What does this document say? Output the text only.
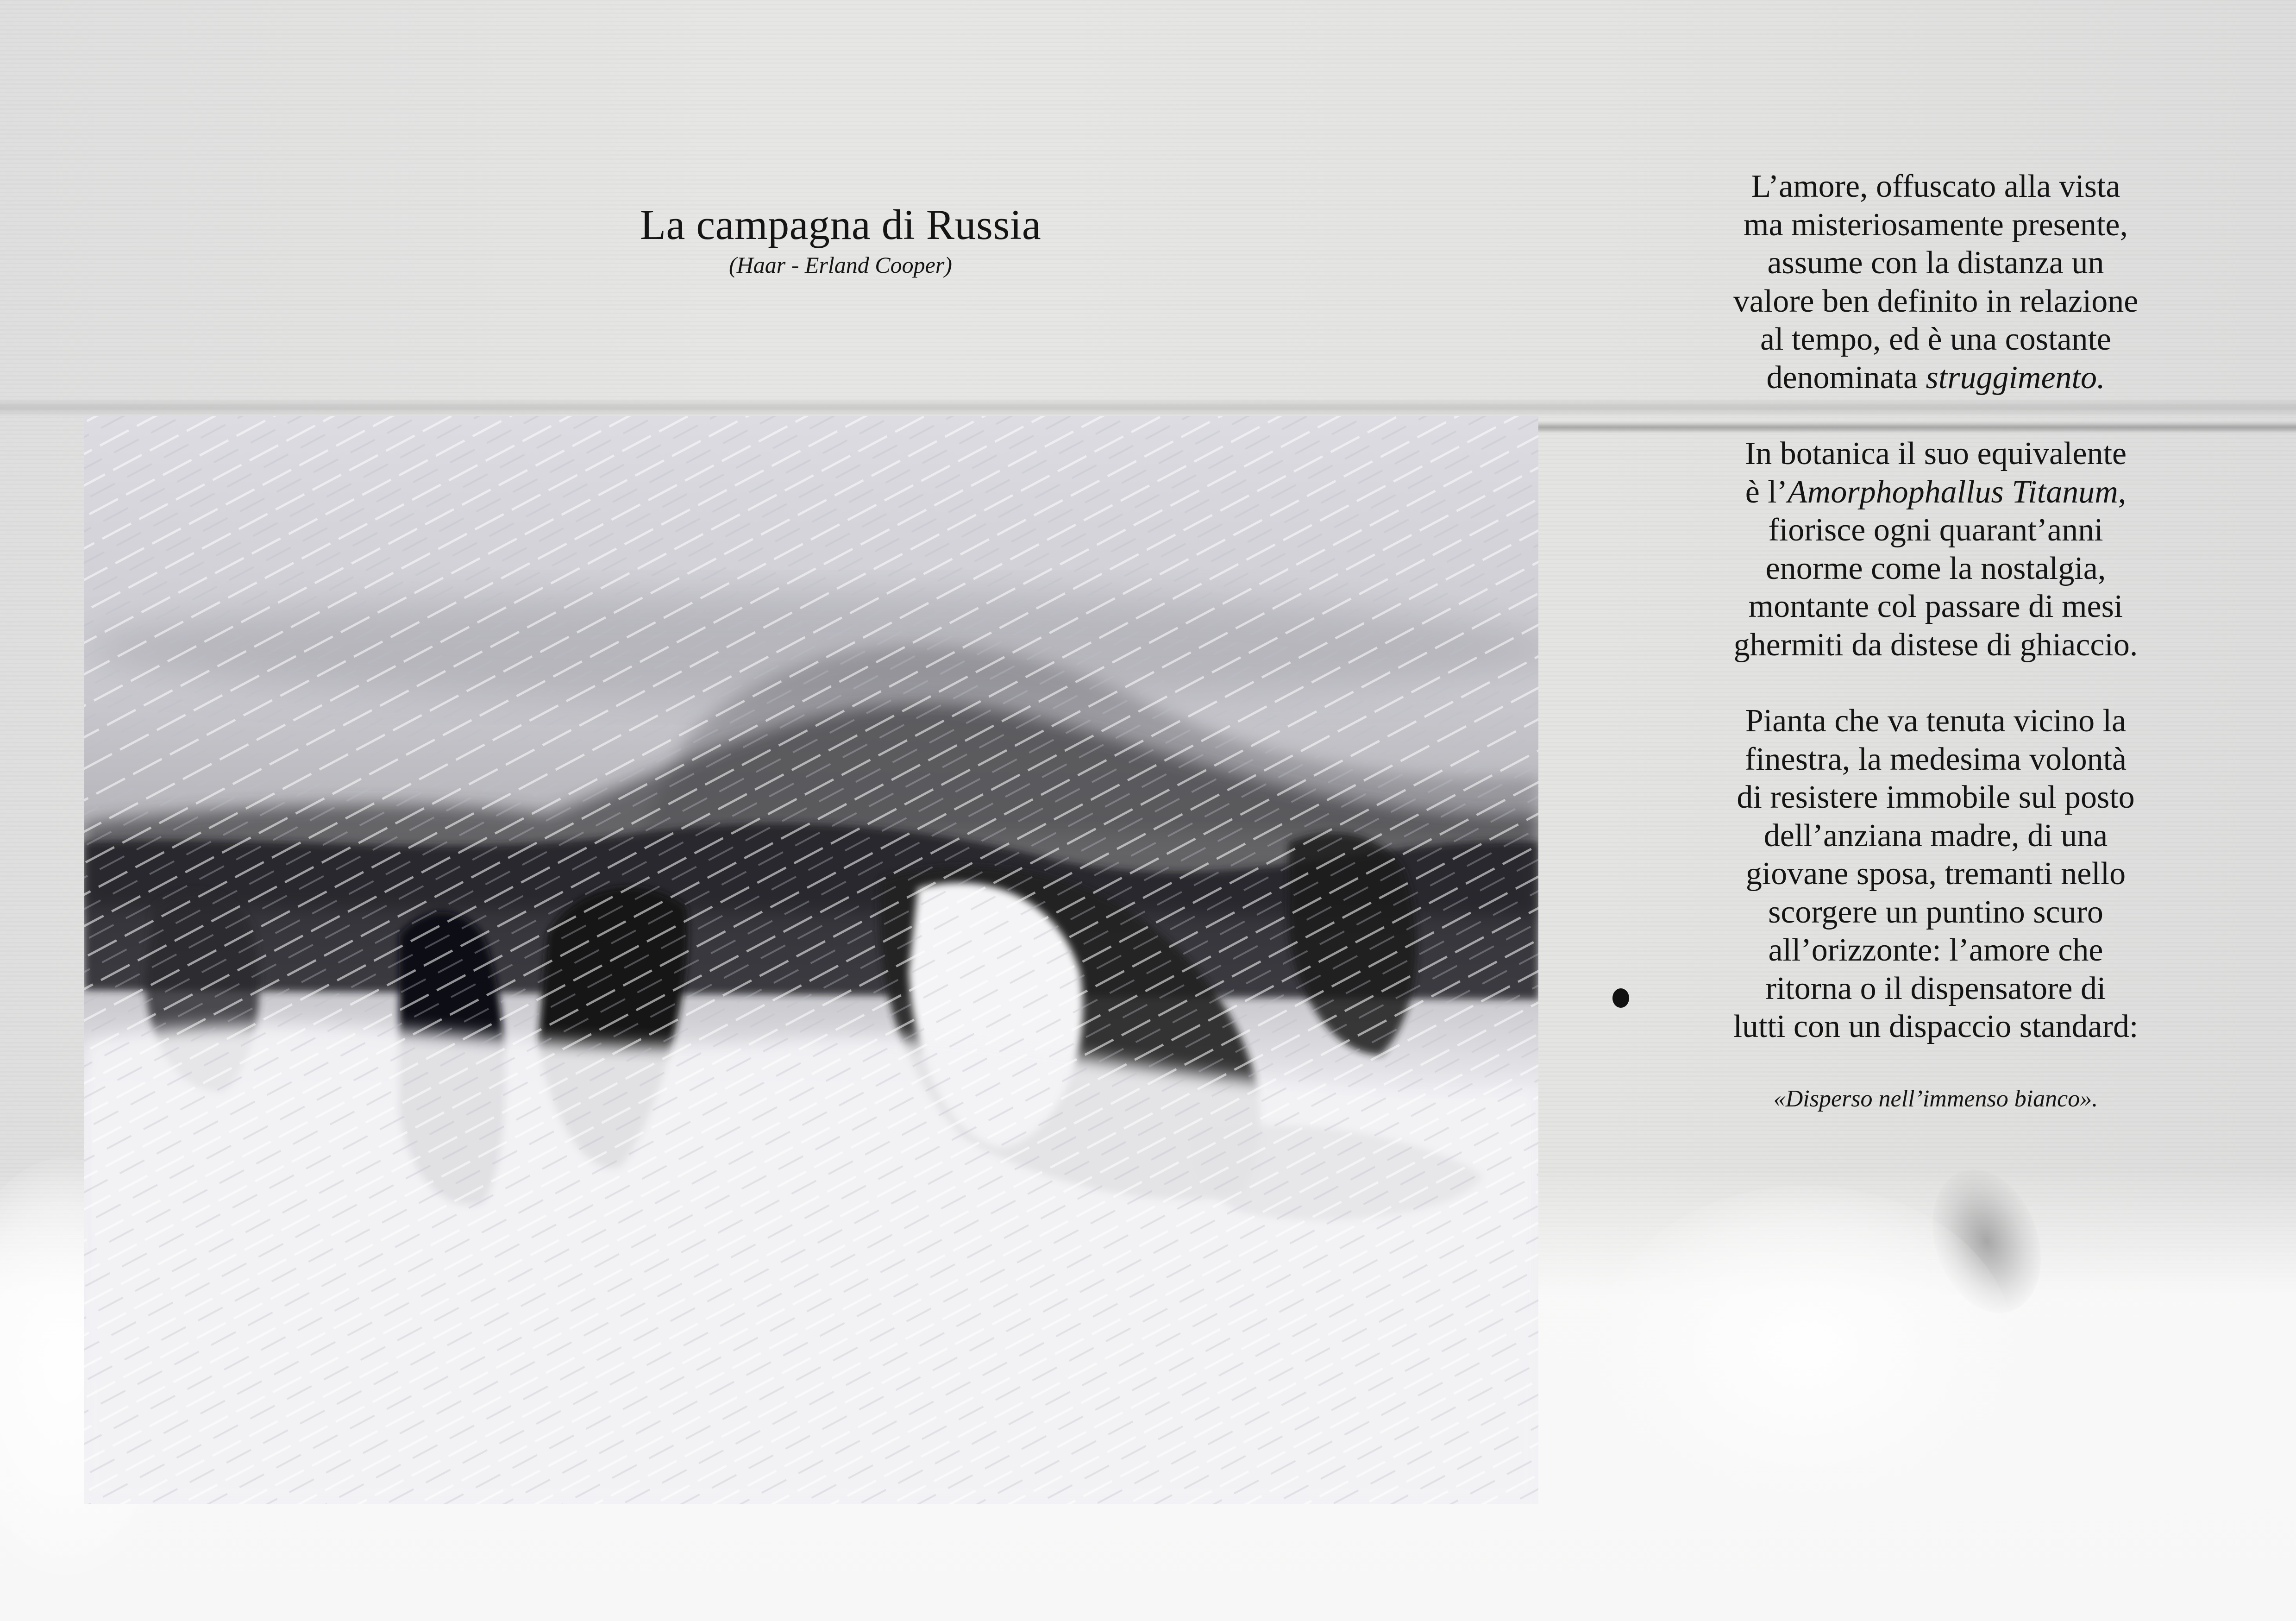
La campagna di Russia
(Haar - Erland Cooper)
L’amore, offuscato alla vista
ma misteriosamente presente,
assume con la distanza un
valore ben definito in relazione
al tempo, ed è una costante
denominata struggimento.
In botanica il suo equivalente
è l’Amorphophallus Titanum,
fiorisce ogni quarant’anni
enorme come la nostalgia,
montante col passare di mesi
ghermiti da distese di ghiaccio.
Pianta che va tenuta vicino la
finestra, la medesima volontà
di resistere immobile sul posto
dell’anziana madre, di una
giovane sposa, tremanti nello
scorgere un puntino scuro
all’orizzonte: l’amore che
ritorna o il dispensatore di
lutti con un dispaccio standard:
«Disperso nell’immenso bianco».
